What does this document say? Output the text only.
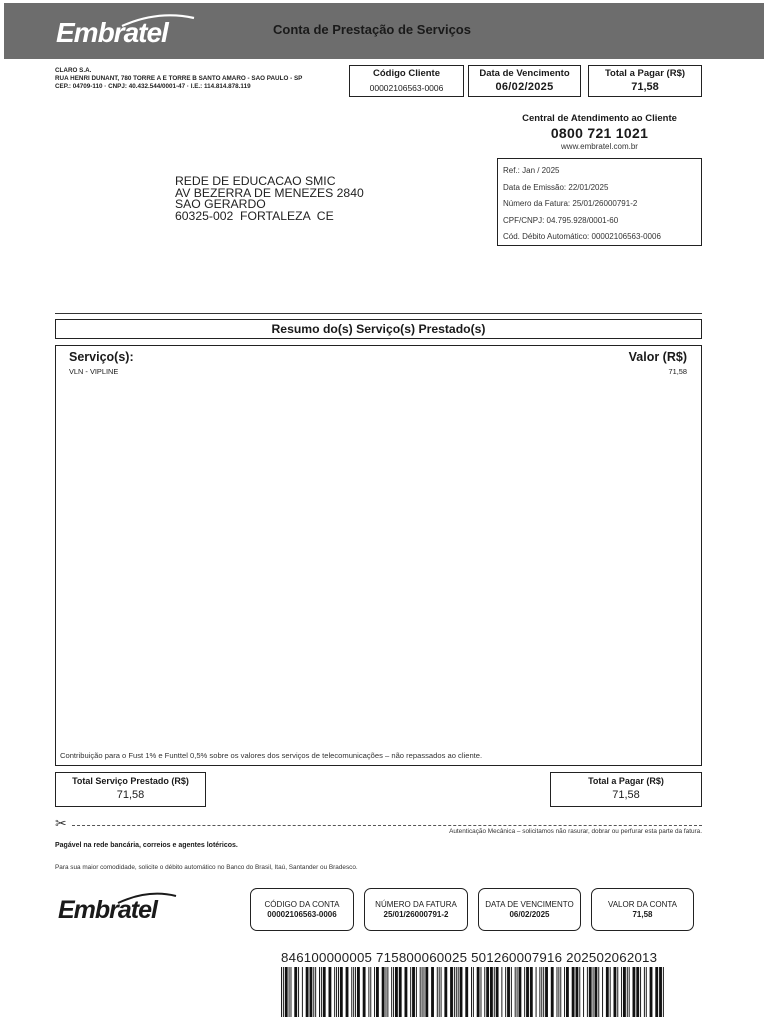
Embratel	Conta de Prestação de Serviços
CLARO S.A.
RUA HENRI DUNANT, 780 TORRE A E TORRE B SANTO AMARO - SAO PAULO - SP
CEP.: 04709-110 · CNPJ: 40.432.544/0001-47 · I.E.: 114.814.878.119
Código Cliente
00002106563-0006
Data de Vencimento
06/02/2025
Total a Pagar (R$)
71,58
Central de Atendimento ao Cliente
0800 721 1021
www.embratel.com.br
Ref.: Jan / 2025
Data de Emissão: 22/01/2025
Número da Fatura: 25/01/26000791-2
CPF/CNPJ: 04.795.928/0001-60
Cód. Débito Automático: 00002106563-0006
REDE DE EDUCACAO SMIC
AV BEZERRA DE MENEZES 2840
SAO GERARDO
60325-002  FORTALEZA  CE
Resumo do(s) Serviço(s) Prestado(s)
Serviço(s):	Valor (R$)
VLN - VIPLINE	71,58
Contribuição para o Fust 1% e Funttel 0,5% sobre os valores dos serviços de telecomunicações – não repassados ao cliente.
Total Serviço Prestado (R$)
71,58
Total a Pagar (R$)
71,58
✂
Autenticação Mecânica – solicitamos não rasurar, dobrar ou perfurar esta parte da fatura.
Pagável na rede bancária, correios e agentes lotéricos.
Para sua maior comodidade, solicite o débito automático no Banco do Brasil, Itaú, Santander ou Bradesco.
Embratel	CÓDIGO DA CONTA
00002106563-0006
NÚMERO DA FATURA
25/01/26000791-2
DATA DE VENCIMENTO
06/02/2025
VALOR DA CONTA
71,58
846100000005 715800060025 501260007916 202502062013
